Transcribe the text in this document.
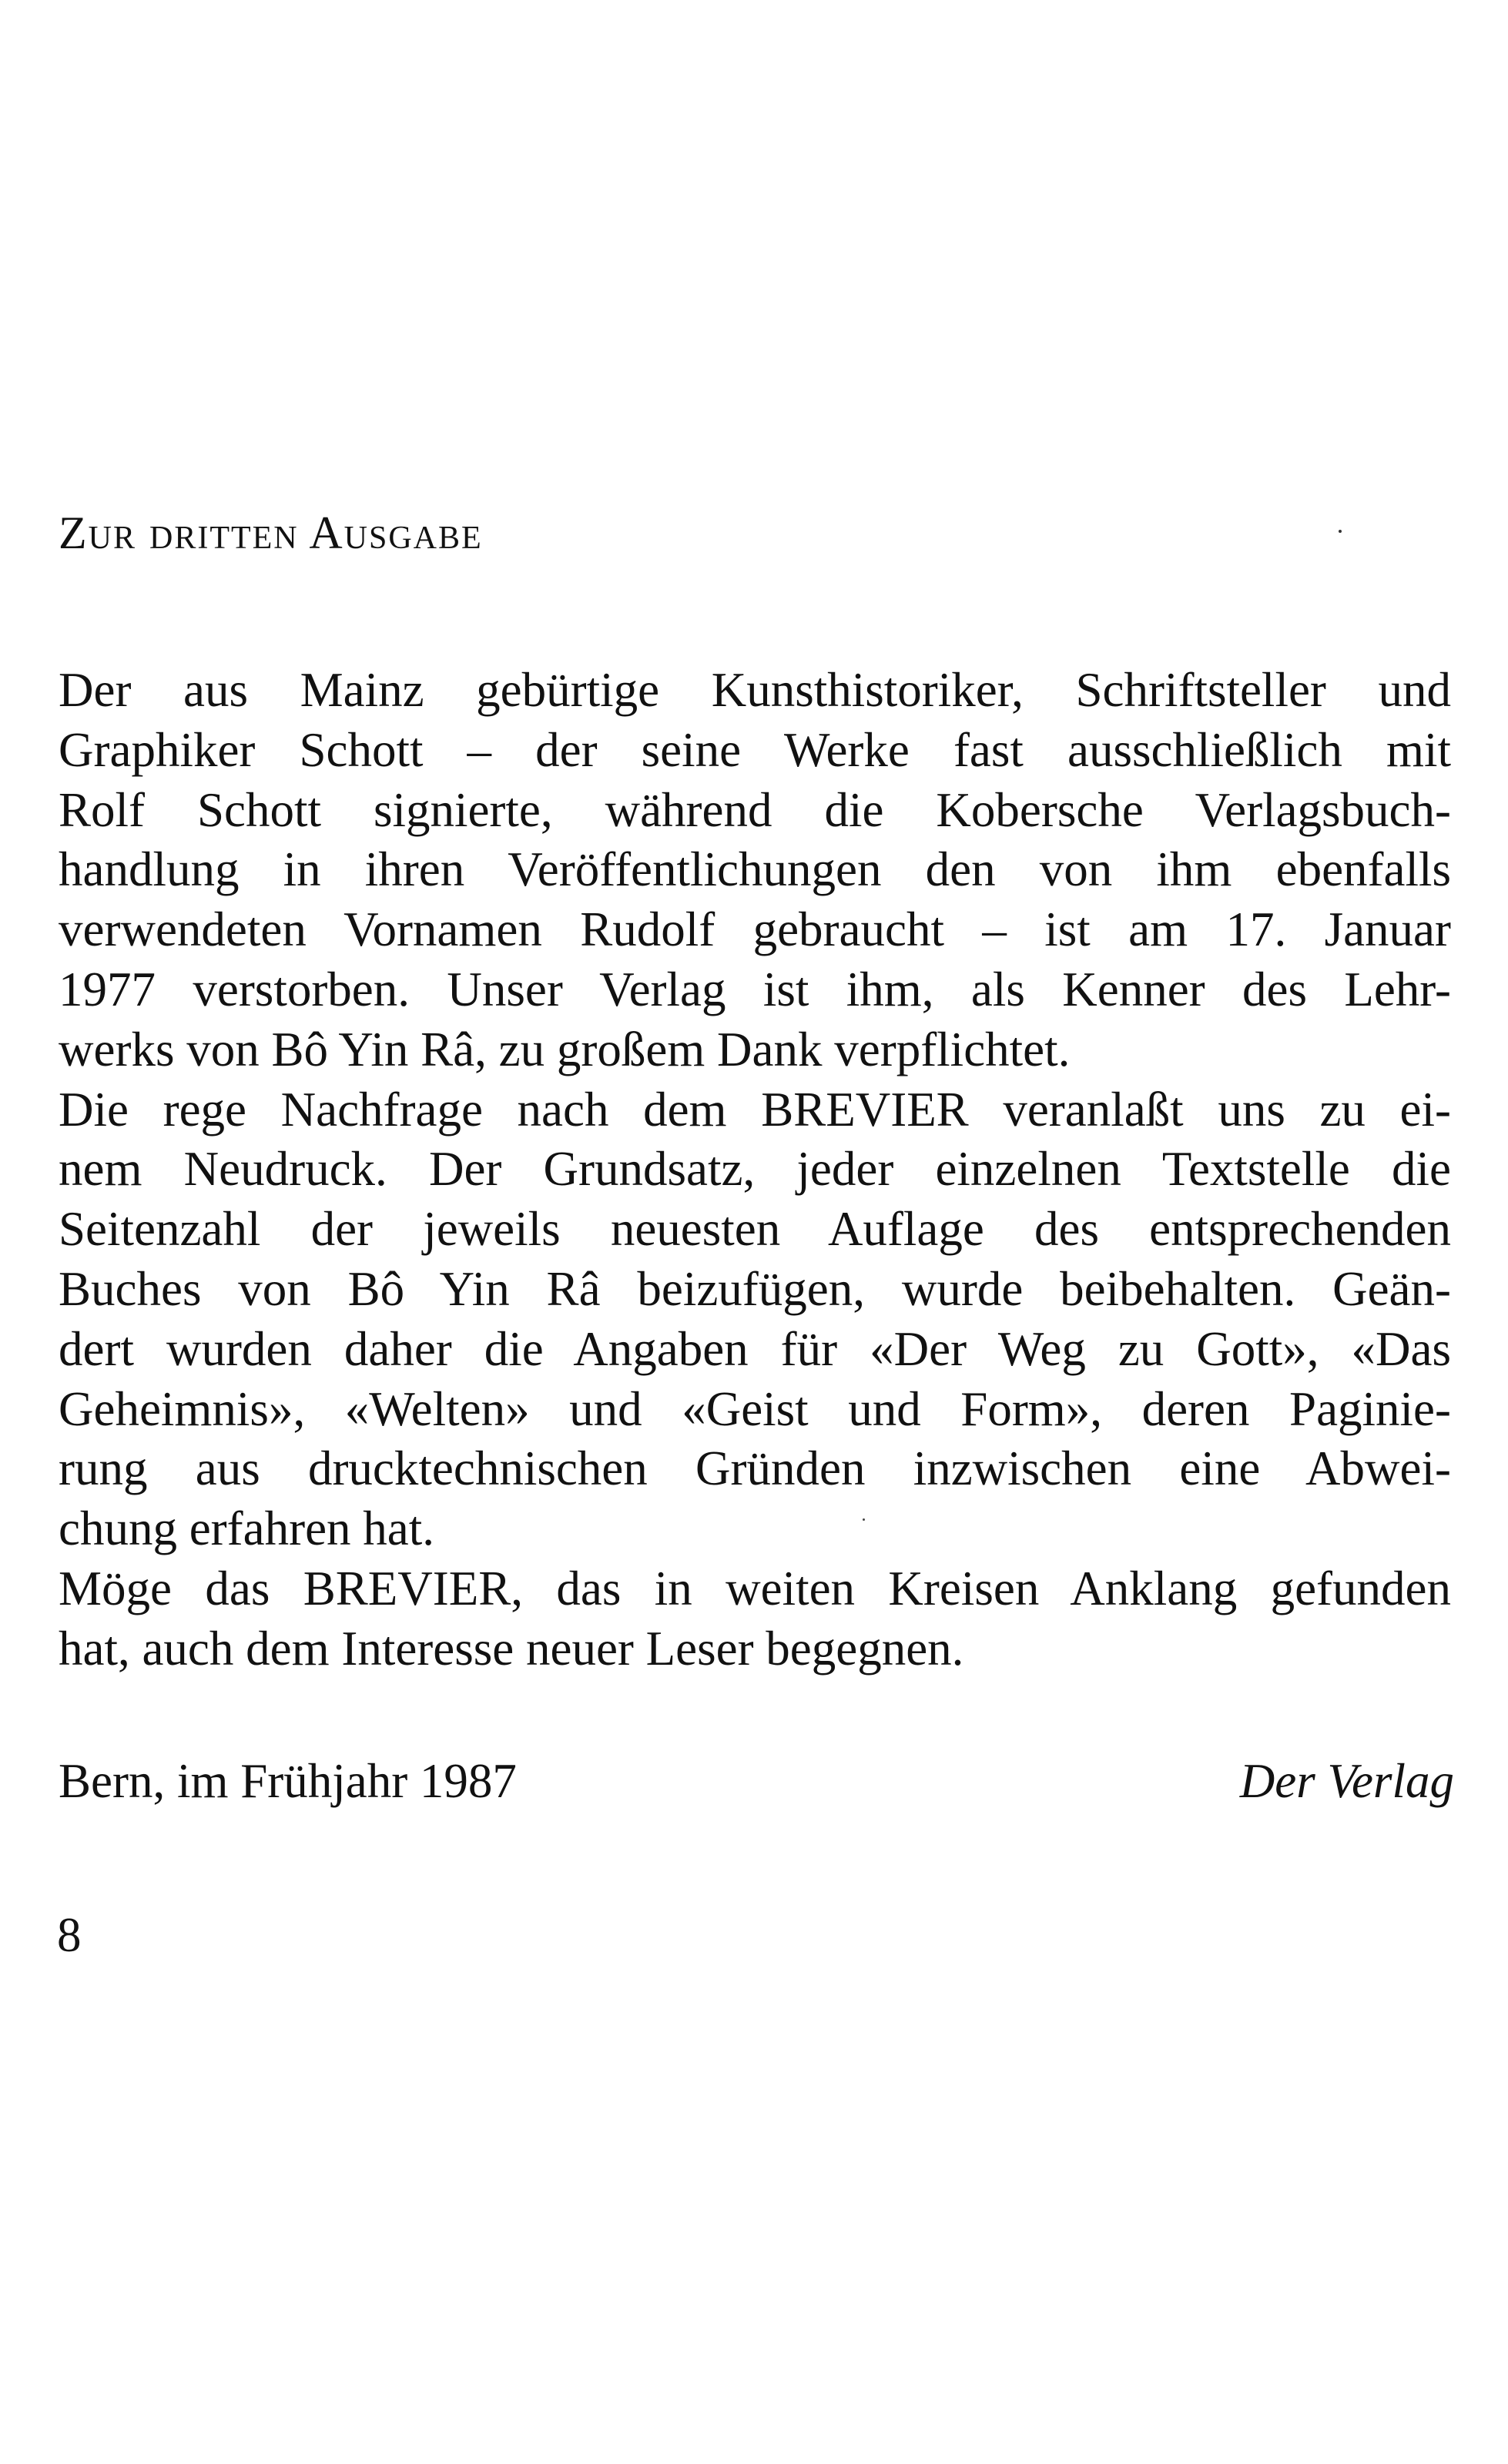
Zur dritten Ausgabe
Der aus Mainz gebürtige Kunsthistoriker, Schriftsteller und
Graphiker Schott – der seine Werke fast ausschließlich mit
Rolf Schott signierte, während die Kobersche Verlagsbuch-
handlung in ihren Veröffentlichungen den von ihm ebenfalls
verwendeten Vornamen Rudolf gebraucht – ist am 17. Januar
1977 verstorben. Unser Verlag ist ihm, als Kenner des Lehr-
werks von Bô Yin Râ, zu großem Dank verpflichtet.
Die rege Nachfrage nach dem BREVIER veranlaßt uns zu ei-
nem Neudruck. Der Grundsatz, jeder einzelnen Textstelle die
Seitenzahl der jeweils neuesten Auflage des entsprechenden
Buches von Bô Yin Râ beizufügen, wurde beibehalten. Geän-
dert wurden daher die Angaben für «Der Weg zu Gott», «Das
Geheimnis», «Welten» und «Geist und Form», deren Paginie-
rung aus drucktechnischen Gründen inzwischen eine Abwei-
chung erfahren hat.
Möge das BREVIER, das in weiten Kreisen Anklang gefunden
hat, auch dem Interesse neuer Leser begegnen.
Bern, im Frühjahr 1987	Der Verlag
8
